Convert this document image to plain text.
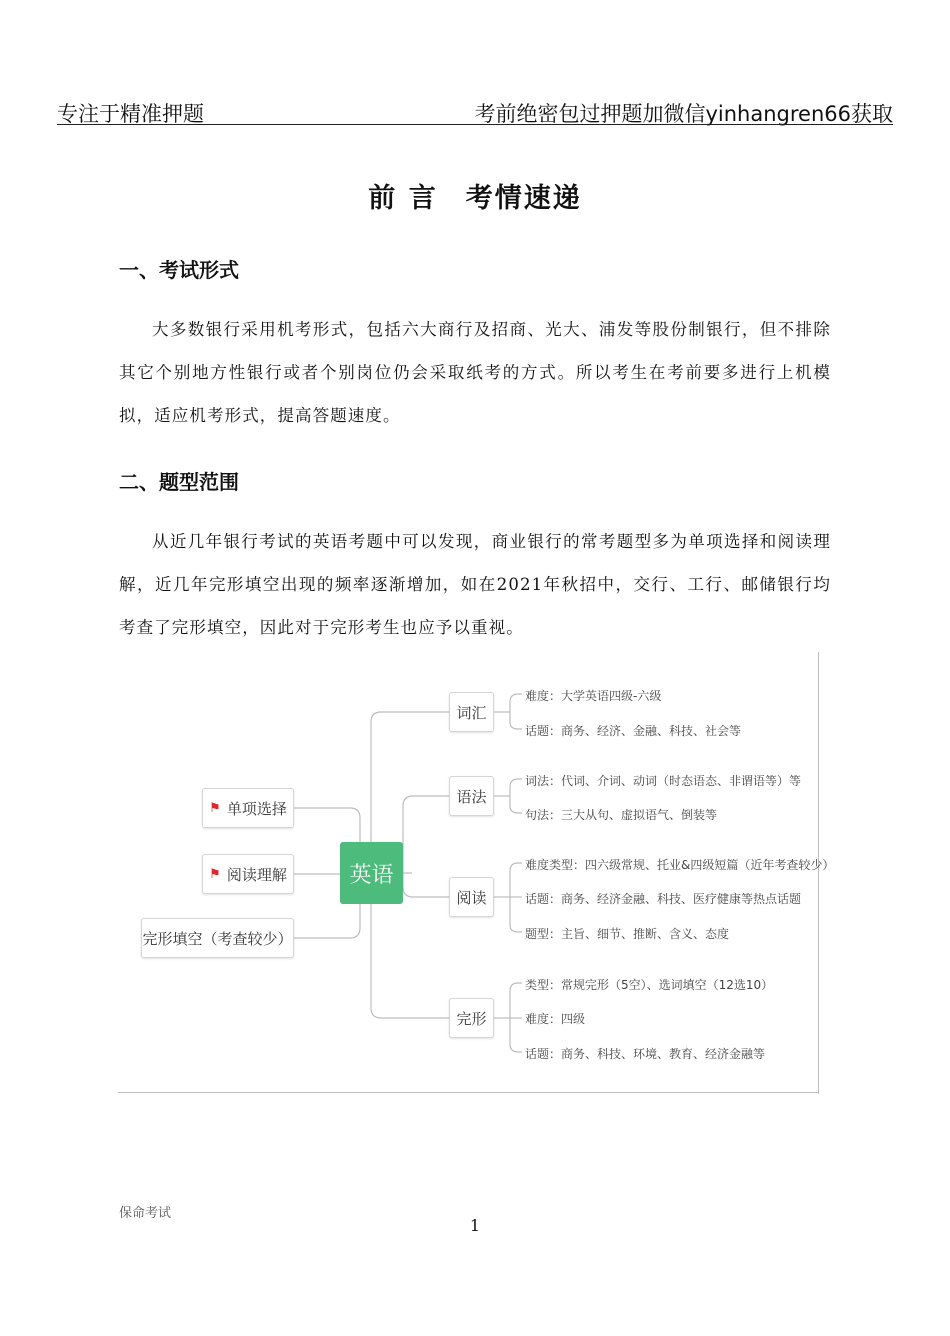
专注于精准押题	考前绝密包过押题加微信yinhangren66获取
前 言 考情速递
一、考试形式

大多数银行采用机考形式，包括六大商行及招商、光大、浦发等股份制银行，但不排除其它个别地方性银行或者个别岗位仍会采取纸考的方式。所以考生在考前要多进行上机模拟，适应机考形式，提高答题速度。

二、题型范围

从近几年银行考试的英语考题中可以发现，商业银行的常考题型多为单项选择和阅读理解，近几年完形填空出现的频率逐渐增加，如在2021年秋招中，交行、工行、邮储银行均考查了完形填空，因此对于完形考生也应予以重视。

英语
⚑ 单项选择
⚑ 阅读理解
完形填空（考查较少）
词汇
语法
阅读
完形
难度：大学英语四级-六级
话题：商务、经济、金融、科技、社会等
词法：代词、介词、动词（时态语态、非谓语等）等
句法：三大从句、虚拟语气、倒装等
难度类型：四六级常规、托业&四级短篇（近年考查较少）
话题：商务、经济金融、科技、医疗健康等热点话题
题型：主旨、细节、推断、含义、态度
类型：常规完形（5空）、选词填空（12选10）
难度：四级
话题：商务、科技、环境、教育、经济金融等
保命考试
1
